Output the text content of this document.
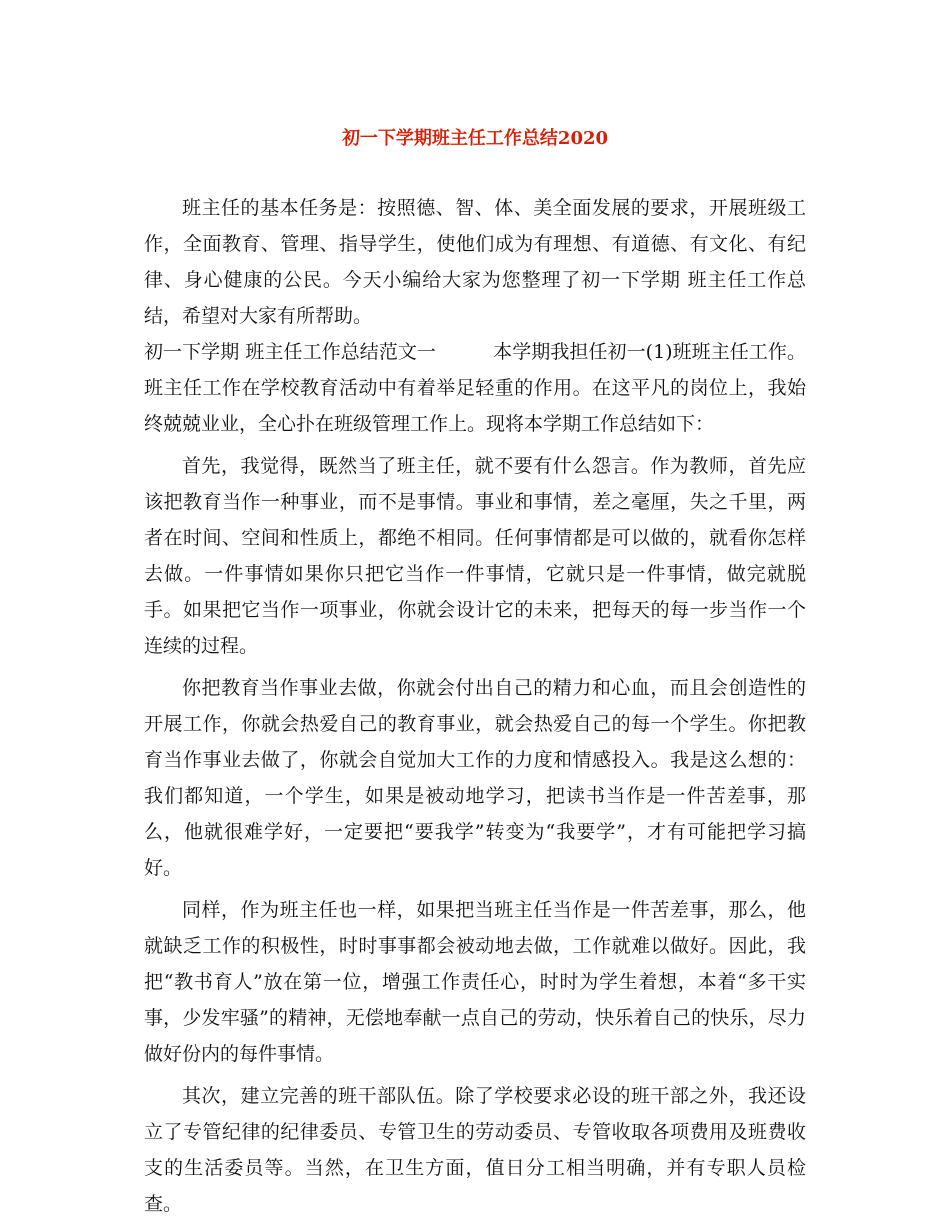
初一下学期班主任工作总结2020

班主任的基本任务是：按照德、智、体、美全面发展的要求，开展班级工作，全面教育、管理、指导学生，使他们成为有理想、有道德、有文化、有纪律、身心健康的公民。今天小编给大家为您整理了初一下学期 班主任工作总结，希望对大家有所帮助。

初一下学期 班主任工作总结范文一　　　本学期我担任初一(1)班班主任工作。班主任工作在学校教育活动中有着举足轻重的作用。在这平凡的岗位上，我始终兢兢业业，全心扑在班级管理工作上。现将本学期工作总结如下：

首先，我觉得，既然当了班主任，就不要有什么怨言。作为教师，首先应该把教育当作一种事业，而不是事情。事业和事情，差之毫厘，失之千里，两者在时间、空间和性质上，都绝不相同。任何事情都是可以做的，就看你怎样去做。一件事情如果你只把它当作一件事情，它就只是一件事情，做完就脱手。如果把它当作一项事业，你就会设计它的未来，把每天的每一步当作一个连续的过程。

你把教育当作事业去做，你就会付出自己的精力和心血，而且会创造性的开展工作，你就会热爱自己的教育事业，就会热爱自己的每一个学生。你把教育当作事业去做了，你就会自觉加大工作的力度和情感投入。我是这么想的：我们都知道，一个学生，如果是被动地学习，把读书当作是一件苦差事，那么，他就很难学好，一定要把“要我学”转变为“我要学”，才有可能把学习搞好。

同样，作为班主任也一样，如果把当班主任当作是一件苦差事，那么，他就缺乏工作的积极性，时时事事都会被动地去做，工作就难以做好。因此，我把“教书育人”放在第一位，增强工作责任心，时时为学生着想，本着“多干实事，少发牢骚”的精神，无偿地奉献一点自己的劳动，快乐着自己的快乐，尽力做好份内的每件事情。

其次，建立完善的班干部队伍。除了学校要求必设的班干部之外，我还设立了专管纪律的纪律委员、专管卫生的劳动委员、专管收取各项费用及班费收支的生活委员等。当然，在卫生方面，值日分工相当明确，并有专职人员检查。
